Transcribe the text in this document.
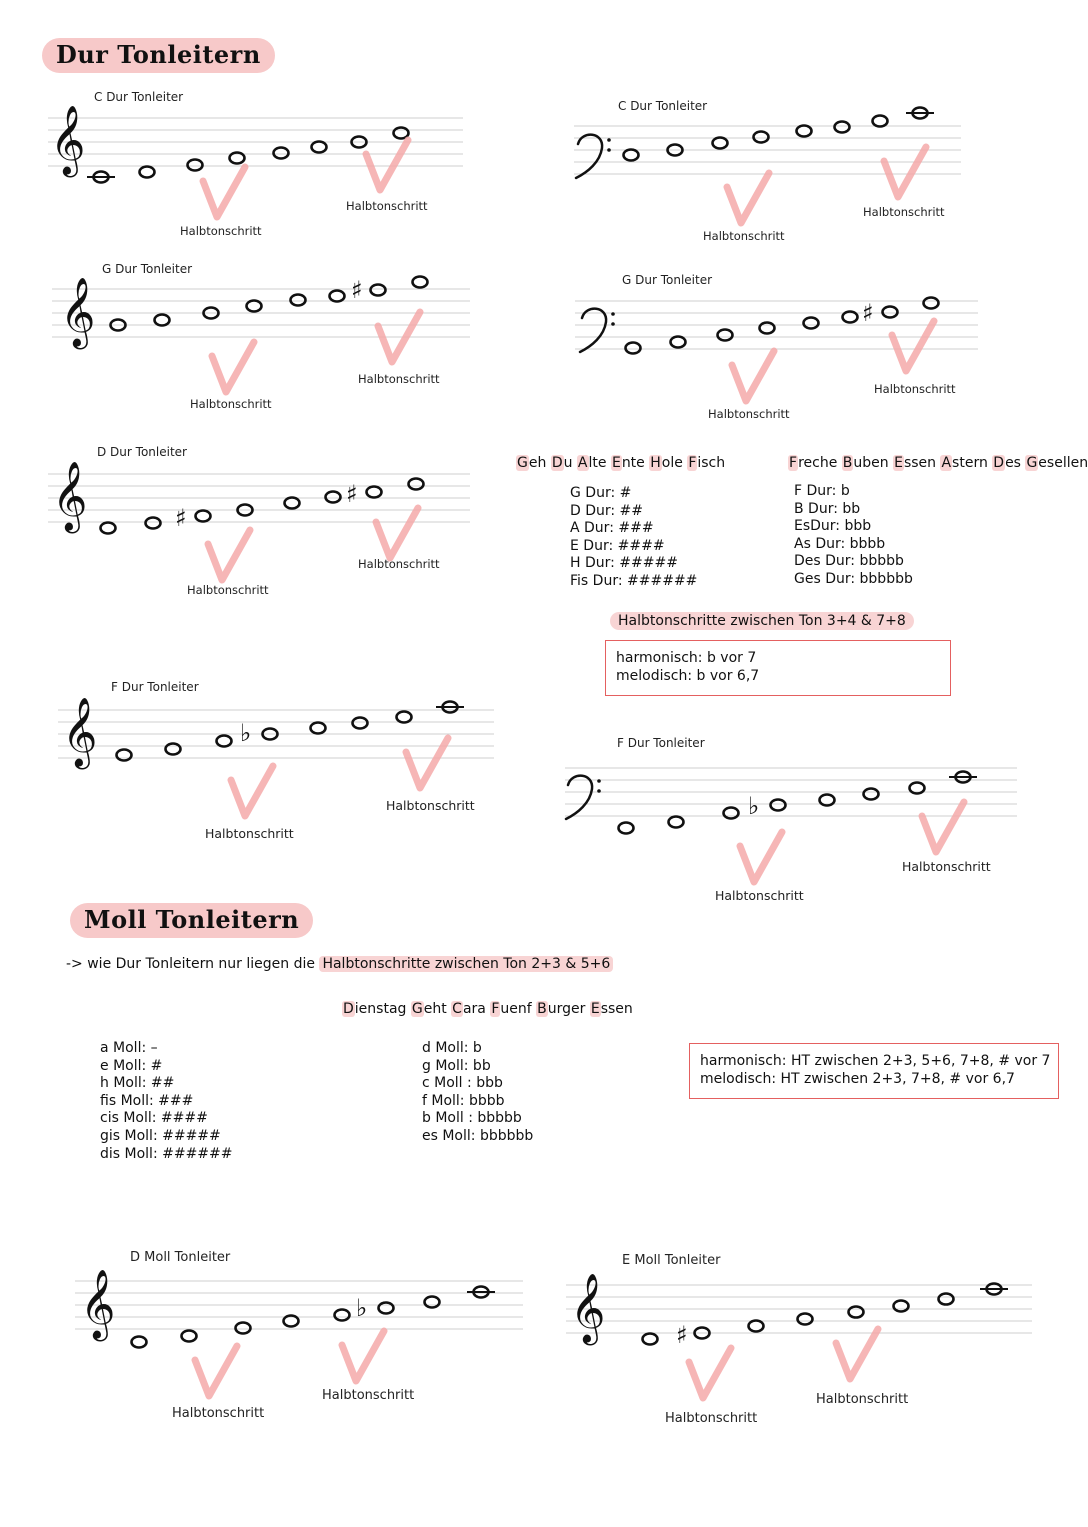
Dur Tonleitern
Moll Tonleitern
C Dur Tonleiter
C Dur Tonleiter
G Dur Tonleiter
G Dur Tonleiter
D Dur Tonleiter
F Dur Tonleiter
F Dur Tonleiter
D Moll Tonleiter	E Moll Tonleiter
𝄞
𝄞	♯
♯
𝄞	♯
♯
𝄞	♭
♭
𝄞	♭	𝄞	♯
Halbtonschritt
Halbtonschritt
Halbtonschritt
Halbtonschritt
Halbtonschritt
Halbtonschritt
Halbtonschritt
Halbtonschritt
Halbtonschritt
Halbtonschritt
Halbtonschritt
Halbtonschritt
Halbtonschritt
Halbtonschritt
Halbtonschritt
Halbtonschritt
Halbtonschritt
Halbtonschritt
Geh Du Alte Ente Hole Fisch	Freche Buben Essen Astern Des Gesellen
Dienstag Geht Cara Fuenf Burger Essen
G Dur: #
D Dur: ##
A Dur: ###
E Dur: ####
H Dur: #####
Fis Dur: ######
F Dur: b
B Dur: bb
EsDur: bbb
As Dur: bbbb
Des Dur: bbbbb
Ges Dur: bbbbbb
Halbtonschritte zwischen Ton 3+4 & 7+8
harmonisch: b vor 7
melodisch: b vor 6,7
-> wie Dur Tonleitern nur liegen die Halbtonschritte zwischen Ton 2+3 & 5+6
a Moll: –
e Moll: #
h Moll: ##
fis Moll: ###
cis Moll: ####
gis Moll: #####
dis Moll: ######
d Moll: b
g Moll: bb
c Moll : bbb
f Moll: bbbb
b Moll : bbbbb
es Moll: bbbbbb
harmonisch: HT zwischen 2+3, 5+6, 7+8, # vor 7
melodisch: HT zwischen 2+3, 7+8, # vor 6,7
